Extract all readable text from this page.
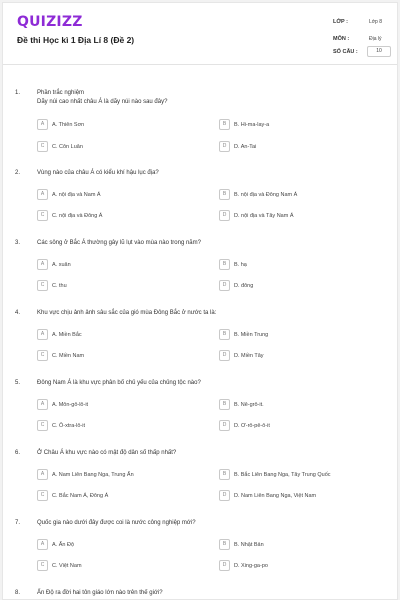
QUIZIZZ
Đề thi Học kì 1 Địa Lí 8 (Đề 2)
LỚP :	Lớp 8
MÔN :	Địa lý
SỐ CÂU :	10
1.	Phần trắc nghiệm
Dãy núi cao nhất châu Á là dãy núi nào sau đây?
A	A. Thiên Sơn	B	B. Hi-ma-lay-a
C	C. Côn Luân	D	D. An-Tai
2.	Vùng nào của châu Á có kiểu khí hậu lục địa?
A	A. nội địa và Nam Á	B	B. nội địa và Đông Nam Á
C	C. nội địa và Đông Á	D	D. nội địa và Tây Nam Á
3.	Các sông ở Bắc Á thường gây lũ lụt vào mùa nào trong năm?
A	A. xuân	B	B. hạ
C	C. thu	D	D. đông
4.	Khu vực chịu ảnh ảnh sâu sắc của gió mùa Đông Bắc ở nước ta là:
A	A. Miền Bắc	B	B. Miền Trung
C	C. Miền Nam	D	D. Miền Tây
5.	Đông Nam Á là khu vực phân bố chủ yếu của chủng tộc nào?
A	A. Môn-gô-lô-it	B	B. Nê-grô-it.
C	C. Ô-xtra-lô-it	D	D. Ơ-rô-pê-ô-it
6.	Ở Châu Á khu vực nào có mật độ dân số thấp nhất?
A	A. Nam Liên Bang Nga, Trung Ấn	B	B. Bắc Liên Bang Nga, Tây Trung Quốc
C	C. Bắc Nam Á, Đông Á	D	D. Nam Liên Bang Nga, Việt Nam
7.	Quốc gia nào dưới đây được coi là nước công nghiệp mới?
A	A. Ấn Độ	B	B. Nhật Bản
C	C. Việt Nam	D	D. Xing-ga-po
8.	Ấn Độ ra đời hai tôn giáo lớn nào trên thế giới?
